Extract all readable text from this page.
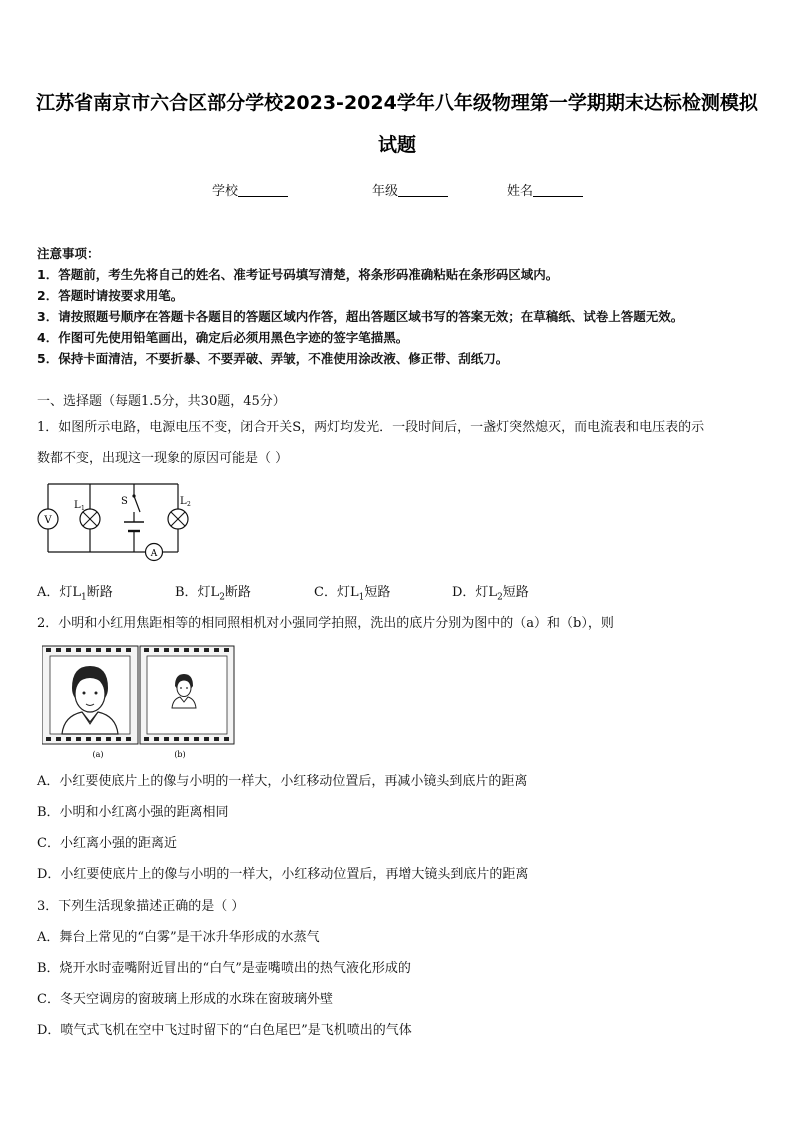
江苏省南京市六合区部分学校2023-2024学年八年级物理第一学期期末达标检测模拟
试题
学校	年级	姓名
注意事项：
1．答题前，考生先将自己的姓名、准考证号码填写清楚，将条形码准确粘贴在条形码区域内。
2．答题时请按要求用笔。
3．请按照题号顺序在答题卡各题目的答题区域内作答，超出答题区域书写的答案无效；在草稿纸、试卷上答题无效。
4．作图可先使用铅笔画出，确定后必须用黑色字迹的签字笔描黑。
5．保持卡面清洁，不要折暴、不要弄破、弄皱，不准使用涂改液、修正带、刮纸刀。
一、选择题（每题1.5分，共30题，45分）
1．如图所示电路，电源电压不变，闭合开关S，两灯均发光．一段时间后，一盏灯突然熄灭，而电流表和电压表的示
数都不变，出现这一现象的原因可能是（ ）
V
L 1
S	L 2
A
A．灯$L_1$断路	B．灯$L_2$断路	C．灯$L_1$短路	D．灯$L_2$短路
2．小明和小红用焦距相等的相同照相机对小强同学拍照，洗出的底片分别为图中的（a）和（b），则
(a)	(b)
A．小红要使底片上的像与小明的一样大，小红移动位置后，再减小镜头到底片的距离
B．小明和小红离小强的距离相同
C．小红离小强的距离近
D．小红要使底片上的像与小明的一样大，小红移动位置后，再增大镜头到底片的距离
3．下列生活现象描述正确的是（ ）
A．舞台上常见的“白雾”是干冰升华形成的水蒸气
B．烧开水时壶嘴附近冒出的“白气”是壶嘴喷出的热气液化形成的
C．冬天空调房的窗玻璃上形成的水珠在窗玻璃外壁
D．喷气式飞机在空中飞过时留下的“白色尾巴”是飞机喷出的气体
